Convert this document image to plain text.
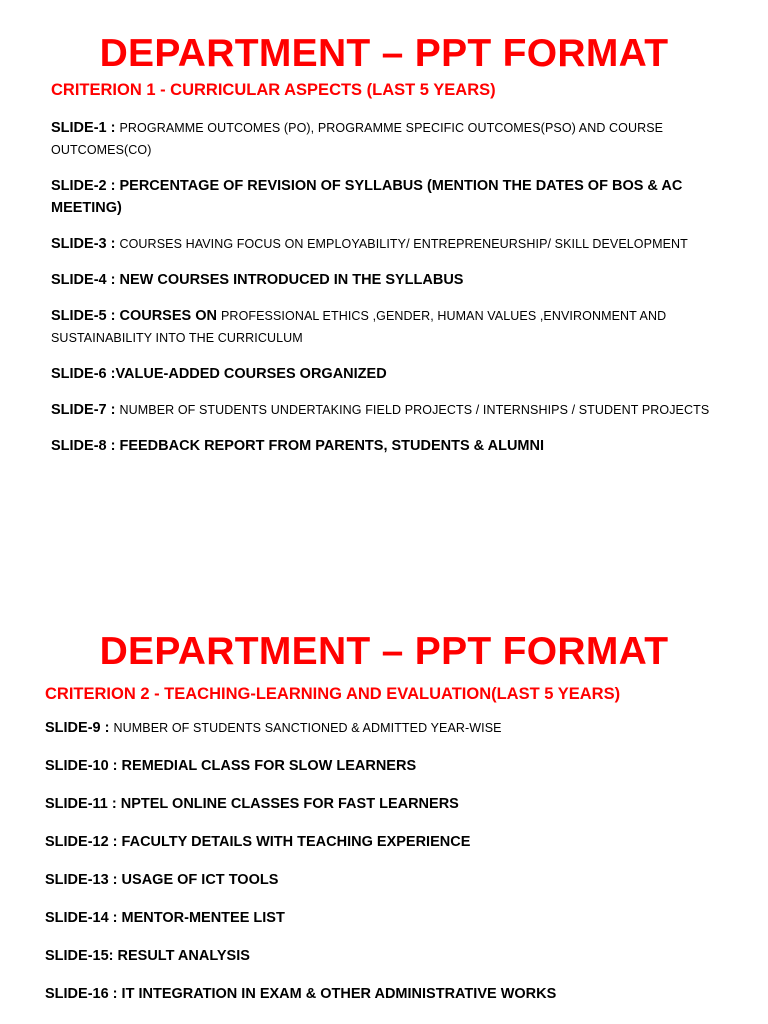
DEPARTMENT – PPT FORMAT
CRITERION 1 - CURRICULAR ASPECTS (LAST 5 YEARS)
SLIDE-1 : PROGRAMME OUTCOMES (PO), PROGRAMME SPECIFIC OUTCOMES(PSO) AND COURSE OUTCOMES(CO)
SLIDE-2 : PERCENTAGE OF REVISION OF SYLLABUS (MENTION THE DATES OF BOS & AC MEETING)
SLIDE-3 : COURSES HAVING FOCUS ON EMPLOYABILITY/ ENTREPRENEURSHIP/ SKILL DEVELOPMENT
SLIDE-4 : NEW COURSES INTRODUCED IN THE SYLLABUS
SLIDE-5 : COURSES ON PROFESSIONAL ETHICS ,GENDER, HUMAN VALUES ,ENVIRONMENT AND SUSTAINABILITY INTO THE CURRICULUM
SLIDE-6 :VALUE-ADDED COURSES ORGANIZED
SLIDE-7 : NUMBER OF STUDENTS UNDERTAKING FIELD PROJECTS / INTERNSHIPS / STUDENT PROJECTS
SLIDE-8 : FEEDBACK REPORT FROM PARENTS, STUDENTS & ALUMNI
DEPARTMENT – PPT FORMAT
CRITERION 2 - TEACHING-LEARNING AND EVALUATION(LAST 5 YEARS)
SLIDE-9 : NUMBER OF STUDENTS SANCTIONED & ADMITTED YEAR-WISE
SLIDE-10 : REMEDIAL CLASS FOR SLOW LEARNERS
SLIDE-11 : NPTEL ONLINE CLASSES FOR FAST LEARNERS
SLIDE-12 : FACULTY DETAILS WITH TEACHING EXPERIENCE
SLIDE-13 : USAGE OF ICT TOOLS
SLIDE-14 : MENTOR-MENTEE LIST
SLIDE-15: RESULT ANALYSIS
SLIDE-16 : IT INTEGRATION IN EXAM & OTHER ADMINISTRATIVE WORKS
